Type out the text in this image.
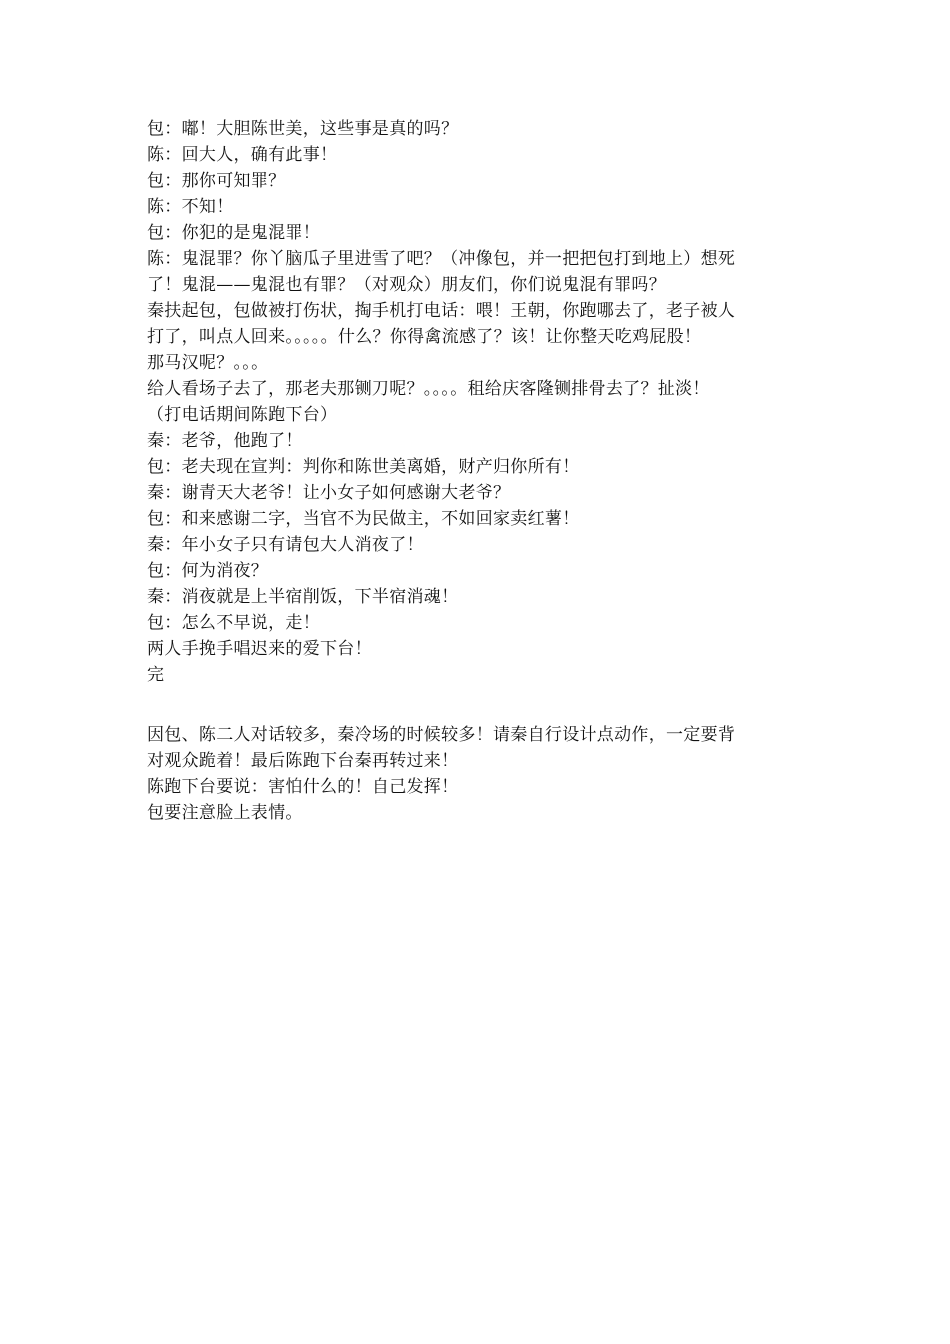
包：嘟！大胆陈世美，这些事是真的吗？
陈：回大人，确有此事！
包：那你可知罪？
陈：不知！
包：你犯的是鬼混罪！
陈：鬼混罪？你丫脑瓜子里进雪了吧？（冲像包，并一把把包打到地上）想死
了！鬼混——鬼混也有罪？（对观众）朋友们，你们说鬼混有罪吗？
秦扶起包，包做被打伤状，掏手机打电话：喂！王朝，你跑哪去了，老子被人
打了，叫点人回来。。。。。什么？你得禽流感了？该！让你整天吃鸡屁股！
那马汉呢？。。。
给人看场子去了，那老夫那铡刀呢？。。。。租给庆客隆铡排骨去了？扯淡！
（打电话期间陈跑下台）
秦：老爷，他跑了！
包：老夫现在宣判：判你和陈世美离婚，财产归你所有！
秦：谢青天大老爷！让小女子如何感谢大老爷？
包：和来感谢二字，当官不为民做主，不如回家卖红薯！
秦：年小女子只有请包大人消夜了！
包：何为消夜？
秦：消夜就是上半宿削饭，下半宿消魂！
包：怎么不早说，走！
两人手挽手唱迟来的爱下台！
完
因包、陈二人对话较多，秦冷场的时候较多！请秦自行设计点动作，一定要背
对观众跪着！最后陈跑下台秦再转过来！
陈跑下台要说：害怕什么的！自己发挥！
包要注意脸上表情。
